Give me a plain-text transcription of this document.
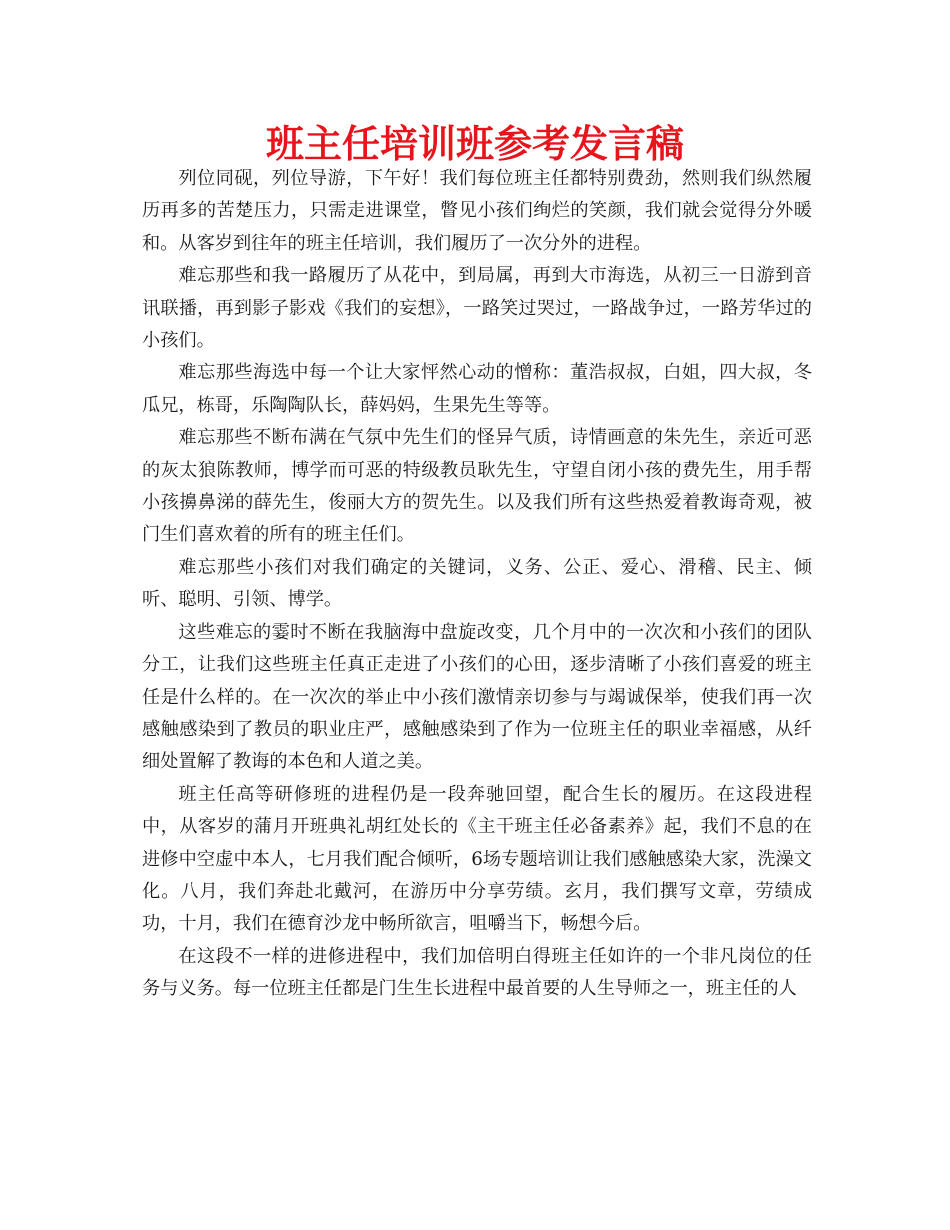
班主任培训班参考发言稿

列位同砚，列位导游，下午好！我们每位班主任都特别费劲，然则我们纵然履历再多的苦楚压力，只需走进课堂，瞥见小孩们绚烂的笑颜，我们就会觉得分外暖和。从客岁到往年的班主任培训，我们履历了一次分外的进程。

难忘那些和我一路履历了从花中，到局属，再到大市海选，从初三一日游到音讯联播，再到影子影戏《我们的妄想》，一路笑过哭过，一路战争过，一路芳华过的小孩们。

难忘那些海选中每一个让大家怦然心动的憎称：董浩叔叔，白姐，四大叔，冬瓜兄，栋哥，乐陶陶队长，薛妈妈，生果先生等等。

难忘那些不断布满在气氛中先生们的怪异气质，诗情画意的朱先生，亲近可恶的灰太狼陈教师，博学而可恶的特级教员耿先生，守望自闭小孩的费先生，用手帮小孩擤鼻涕的薛先生，俊丽大方的贺先生。以及我们所有这些热爱着教诲奇观，被门生们喜欢着的所有的班主任们。

难忘那些小孩们对我们确定的关键词，义务、公正、爱心、滑稽、民主、倾听、聪明、引领、博学。

这些难忘的霎时不断在我脑海中盘旋改变，几个月中的一次次和小孩们的团队分工，让我们这些班主任真正走进了小孩们的心田，逐步清晰了小孩们喜爱的班主任是什么样的。在一次次的举止中小孩们激情亲切参与与竭诚保举，使我们再一次感触感染到了教员的职业庄严，感触感染到了作为一位班主任的职业幸福感，从纤细处置解了教诲的本色和人道之美。

班主任高等研修班的进程仍是一段奔驰回望，配合生长的履历。在这段进程中，从客岁的蒲月开班典礼胡红处长的《主干班主任必备素养》起，我们不息的在进修中空虚中本人，七月我们配合倾听，6场专题培训让我们感触感染大家，洗澡文化。八月，我们奔赴北戴河，在游历中分享劳绩。玄月，我们撰写文章，劳绩成功，十月，我们在德育沙龙中畅所欲言，咀嚼当下，畅想今后。

在这段不一样的进修进程中，我们加倍明白得班主任如许的一个非凡岗位的任务与义务。每一位班主任都是门生生长进程中最首要的人生导师之一，班主任的人
